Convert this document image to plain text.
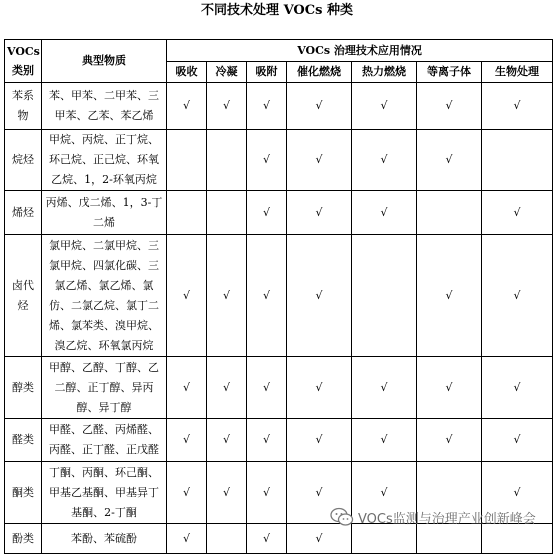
不同技术处理 VOCs 种类
VOCs类别	典型物质	VOCs 治理技术应用情况						
		吸收	冷凝	吸附	催化燃烧	热力燃烧	等离子体	生物处理
苯系物	苯、甲苯、二甲苯、三甲苯、乙苯、苯乙烯	√	√	√	√	√	√	√
烷烃	甲烷、丙烷、正丁烷、环己烷、正己烷、环氧乙烷、1，2-环氧丙烷			√	√	√	√	
烯烃	丙烯、戊二烯、1，3-丁二烯			√	√	√		√
卤代烃	氯甲烷、二氯甲烷、三氯甲烷、四氯化碳、三氯乙烯、氯乙烯、氯仿、二氯乙烷、氯丁二烯、氯苯类、溴甲烷、溴乙烷、环氧氯丙烷	√	√	√	√		√	√
醇类	甲醇、乙醇、丁醇、乙二醇、正丁醇、异丙醇、异丁醇	√	√	√	√	√	√	√
醛类	甲醛、乙醛、丙烯醛、丙醛、正丁醛、正戊醛	√	√	√	√	√	√	√
酮类	丁酮、丙酮、环己酮、甲基乙基酮、甲基异丁基酮、2-丁酮	√	√	√	√	√		√
酚类	苯酚、苯硫酚	√		√	√			
VOCs监测与治理产业创新峰会
